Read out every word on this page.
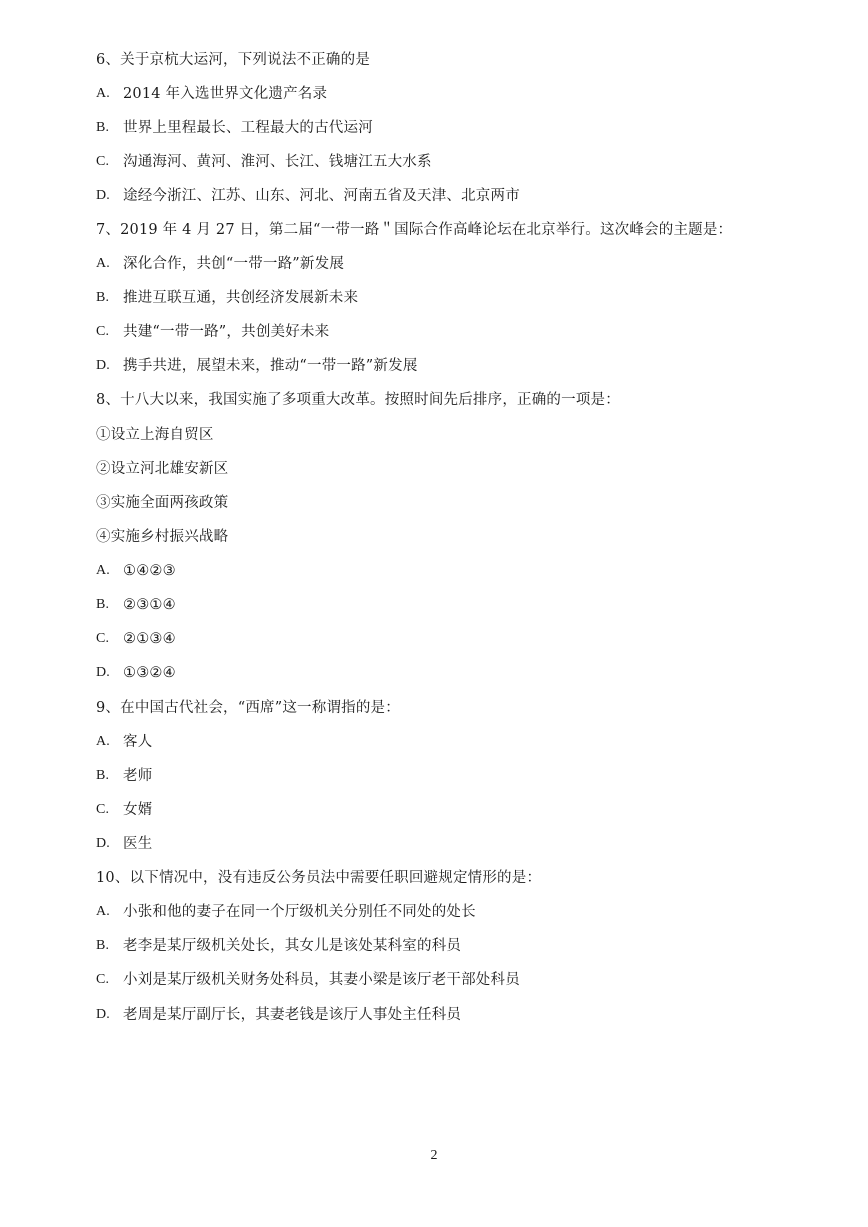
6、关于京杭大运河，下列说法不正确的是
A. 2014 年入选世界文化遗产名录
B. 世界上里程最长、工程最大的古代运河
C. 沟通海河、黄河、淮河、长江、钱塘江五大水系
D. 途经今浙江、江苏、山东、河北、河南五省及天津、北京两市
7、2019 年 4 月 27 日，第二届“一带一路＂国际合作高峰论坛在北京举行。这次峰会的主题是：
A. 深化合作，共创“一带一路”新发展
B. 推进互联互通，共创经济发展新未来
C. 共建“一带一路”，共创美好未来
D. 携手共进，展望未来，推动“一带一路”新发展
8、十八大以来，我国实施了多项重大改革。按照时间先后排序，正确的一项是：
①设立上海自贸区
②设立河北雄安新区
③实施全面两孩政策
④实施乡村振兴战略
A. ①④②③
B. ②③①④
C. ②①③④
D. ①③②④
9、在中国古代社会，“西席”这一称谓指的是：
A. 客人
B. 老师
C. 女婿
D. 医生
10、以下情况中，没有违反公务员法中需要任职回避规定情形的是：
A. 小张和他的妻子在同一个厅级机关分别任不同处的处长
B. 老李是某厅级机关处长，其女儿是该处某科室的科员
C. 小刘是某厅级机关财务处科员，其妻小梁是该厅老干部处科员
D. 老周是某厅副厅长，其妻老钱是该厅人事处主任科员
2
